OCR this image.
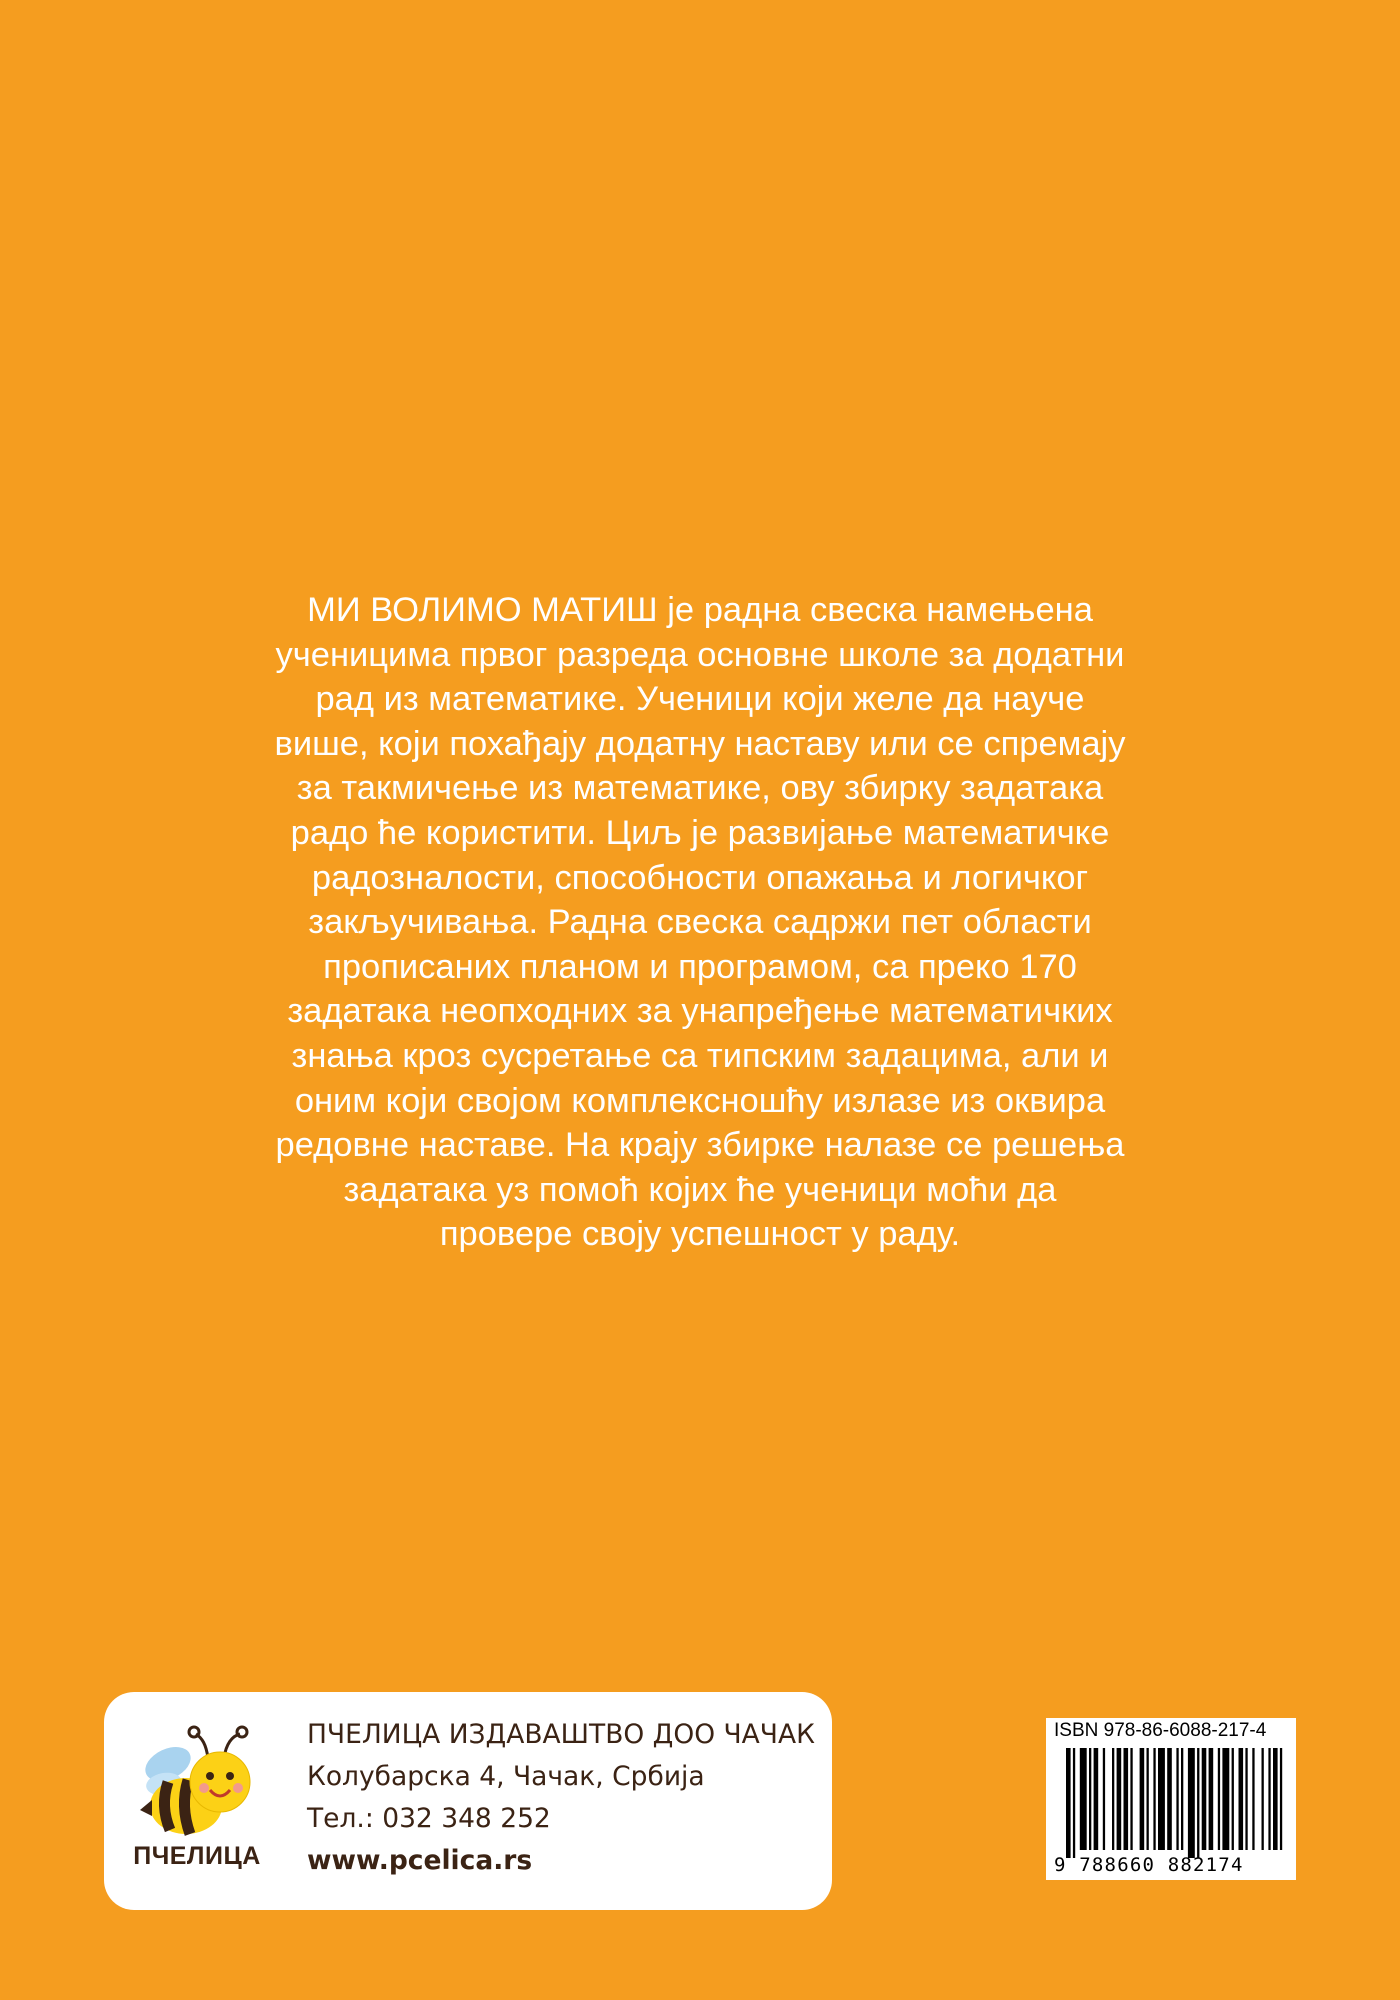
МИ ВОЛИМО МАТИШ је радна свеска намењена
ученицима првог разреда основне школе за додатни
рад из математике. Ученици који желе да науче
више, који похађају додатну наставу или се спремају
за такмичење из математике, ову збирку задатака
радо ће користити. Циљ је развијање математичке
радозналости, способности опажања и логичког
закључивања. Радна свеска садржи пет области
прописаних планом и програмом, са преко 170
задатака неопходних за унапређење математичких
знања кроз сусретање са типским задацима, али и
оним који својом комплексношћу излазе из оквира
редовне наставе. На крају збирке налазе се решења
задатака уз помоћ којих ће ученици моћи да
провере своју успешност у раду.

ПЧЕЛИЦА
ПЧЕЛИЦА ИЗДАВАШТВО ДОО ЧАЧАК
Колубарска 4, Чачак, Србија
Тел.: 032 348 252
www.pcelica.rs
ISBN 978-86-6088-217-4
9 788660 882174
